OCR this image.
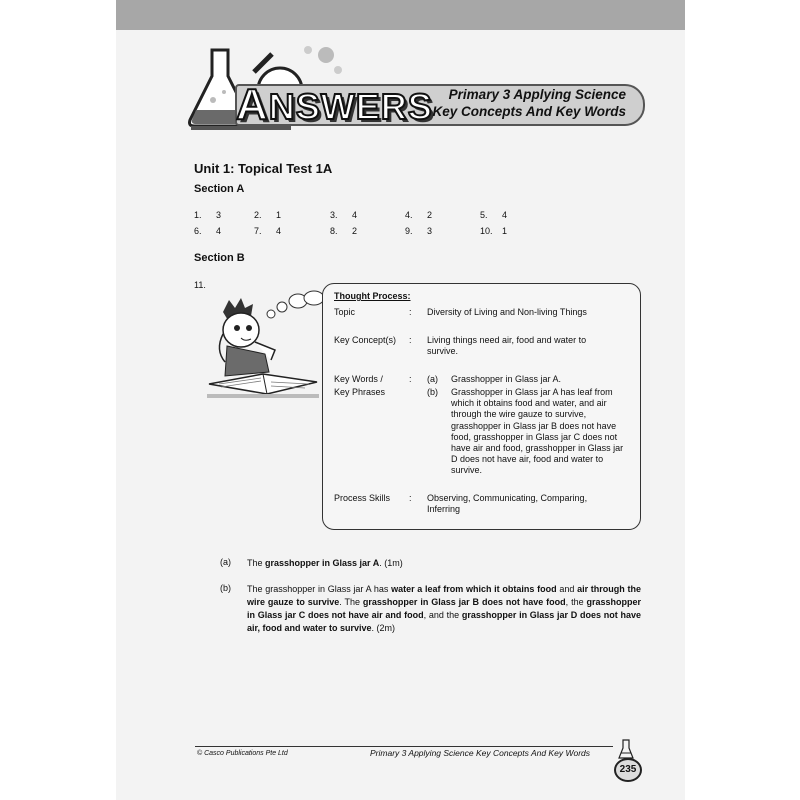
ANSWERS	Primary 3 Applying Science
Key Concepts And Key Words
Unit 1: Topical Test 1A
Section A
1. 3	2. 1	3. 4	4. 2	5. 4
6. 4	7. 4	8. 2	9. 3	10. 1
Section B
11.
Thought Process:
Topic	: Diversity of Living and Non-living Things
Key Concept(s) : Living things need air, food and water to survive.
Key Words /
Key Phrases
: (a) Grasshopper in Glass jar A.
(b) Grasshopper in Glass jar A has leaf from which it obtains food and water, and air through the wire gauze to survive, grasshopper in Glass jar B does not have food, grasshopper in Glass jar C does not have air and food, grasshopper in Glass jar D does not have air, food and water to survive.
Process Skills : Observing, Communicating, Comparing, Inferring
(a) The grasshopper in Glass jar A. (1m)
(b) The grasshopper in Glass jar A has water a leaf from which it obtains food and air through the wire gauze to survive. The grasshopper in Glass jar B does not have food, the grasshopper in Glass jar C does not have air and food, and the grasshopper in Glass jar D does not have air, food and water to survive. (2m)
© Casco Publications Pte Ltd	Primary 3 Applying Science Key Concepts And Key Words
235
